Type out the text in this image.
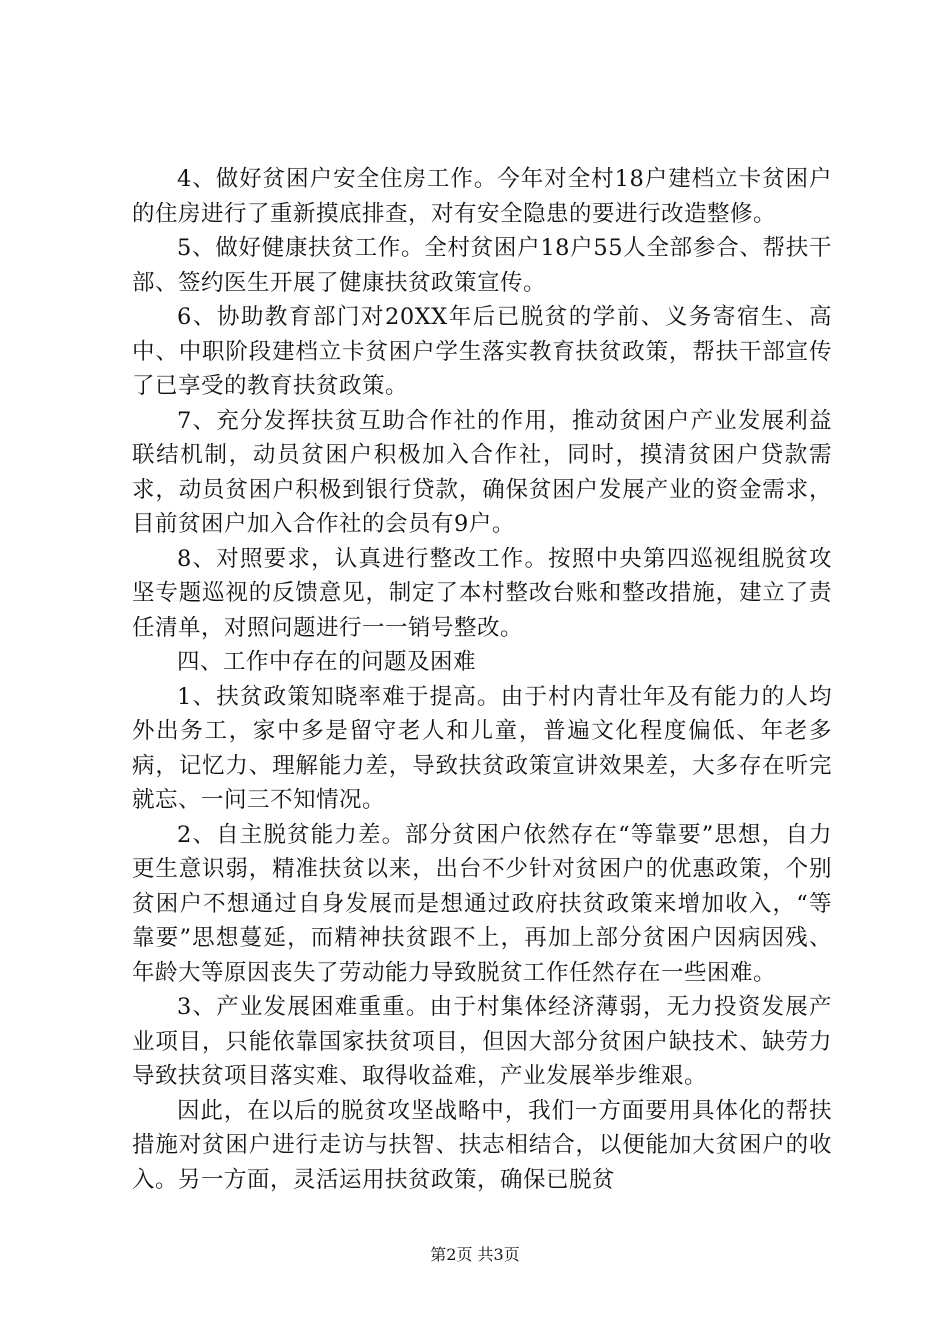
4、做好贫困户安全住房工作。今年对全村18户建档立卡贫困户的住房进行了重新摸底排查，对有安全隐患的要进行改造整修。

5、做好健康扶贫工作。全村贫困户18户55人全部参合、帮扶干部、签约医生开展了健康扶贫政策宣传。

6、协助教育部门对20XX年后已脱贫的学前、义务寄宿生、高中、中职阶段建档立卡贫困户学生落实教育扶贫政策，帮扶干部宣传了已享受的教育扶贫政策。

7、充分发挥扶贫互助合作社的作用，推动贫困户产业发展利益联结机制，动员贫困户积极加入合作社，同时，摸清贫困户贷款需求，动员贫困户积极到银行贷款，确保贫困户发展产业的资金需求，目前贫困户加入合作社的会员有9户。

8、对照要求，认真进行整改工作。按照中央第四巡视组脱贫攻坚专题巡视的反馈意见，制定了本村整改台账和整改措施，建立了责任清单，对照问题进行一一销号整改。

四、工作中存在的问题及困难

1、扶贫政策知晓率难于提高。由于村内青壮年及有能力的人均外出务工，家中多是留守老人和儿童，普遍文化程度偏低、年老多病，记忆力、理解能力差，导致扶贫政策宣讲效果差，大多存在听完就忘、一问三不知情况。

2、自主脱贫能力差。部分贫困户依然存在“等靠要”思想，自力更生意识弱，精准扶贫以来，出台不少针对贫困户的优惠政策，个别贫困户不想通过自身发展而是想通过政府扶贫政策来增加收入，“等靠要”思想蔓延，而精神扶贫跟不上，再加上部分贫困户因病因残、年龄大等原因丧失了劳动能力导致脱贫工作任然存在一些困难。

3、产业发展困难重重。由于村集体经济薄弱，无力投资发展产业项目，只能依靠国家扶贫项目，但因大部分贫困户缺技术、缺劳力导致扶贫项目落实难、取得收益难，产业发展举步维艰。

因此，在以后的脱贫攻坚战略中，我们一方面要用具体化的帮扶措施对贫困户进行走访与扶智、扶志相结合，以便能加大贫困户的收入。另一方面，灵活运用扶贫政策，确保已脱贫

第2页 共3页
